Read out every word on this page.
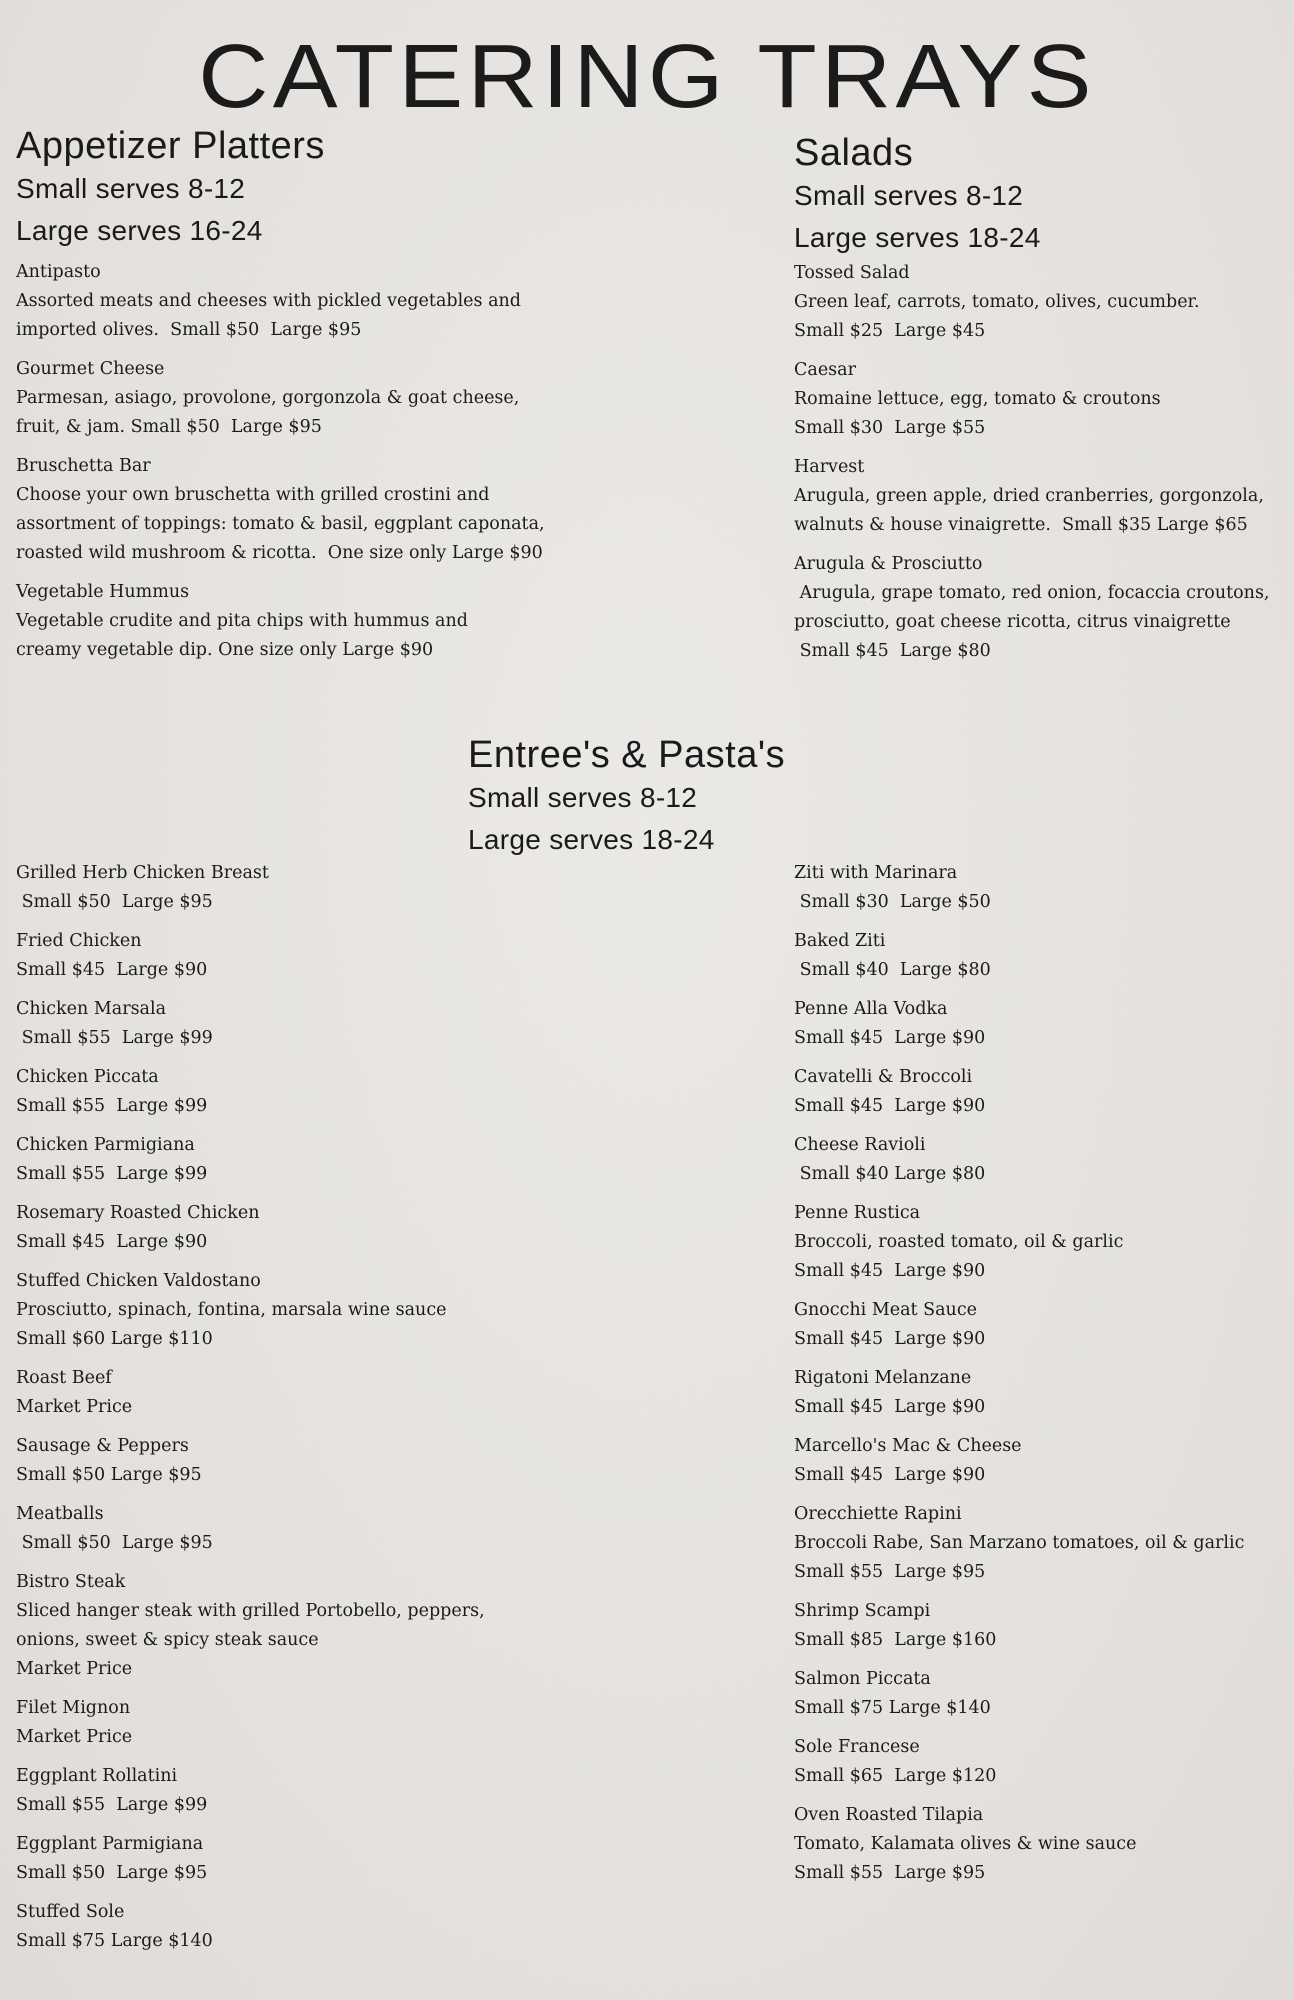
CATERING TRAYS
Appetizer Platters
Small serves 8-12
Large serves 16-24
Antipasto
Assorted meats and cheeses with pickled vegetables and
imported olives.  Small $50  Large $95
Gourmet Cheese
Parmesan, asiago, provolone, gorgonzola & goat cheese,
fruit, & jam. Small $50  Large $95
Bruschetta Bar
Choose your own bruschetta with grilled crostini and
assortment of toppings: tomato & basil, eggplant caponata,
roasted wild mushroom & ricotta.  One size only Large $90
Vegetable Hummus
Vegetable crudite and pita chips with hummus and
creamy vegetable dip. One size only Large $90
Salads
Small serves 8-12
Large serves 18-24
Tossed Salad
Green leaf, carrots, tomato, olives, cucumber.
Small $25  Large $45
Caesar
Romaine lettuce, egg, tomato & croutons
Small $30  Large $55
Harvest
Arugula, green apple, dried cranberries, gorgonzola,
walnuts & house vinaigrette.  Small $35 Large $65
Arugula & Prosciutto
Arugula, grape tomato, red onion, focaccia croutons,
prosciutto, goat cheese ricotta, citrus vinaigrette
Small $45  Large $80
Entree's & Pasta's
Small serves 8-12
Large serves 18-24
Grilled Herb Chicken Breast
Small $50  Large $95
Fried Chicken
Small $45  Large $90
Chicken Marsala
Small $55  Large $99
Chicken Piccata
Small $55  Large $99
Chicken Parmigiana
Small $55  Large $99
Rosemary Roasted Chicken
Small $45  Large $90
Stuffed Chicken Valdostano
Prosciutto, spinach, fontina, marsala wine sauce
Small $60 Large $110
Roast Beef
Market Price
Sausage & Peppers
Small $50 Large $95
Meatballs
Small $50  Large $95
Bistro Steak
Sliced hanger steak with grilled Portobello, peppers,
onions, sweet & spicy steak sauce
Market Price
Filet Mignon
Market Price
Eggplant Rollatini
Small $55  Large $99
Eggplant Parmigiana
Small $50  Large $95
Stuffed Sole
Small $75 Large $140
Ziti with Marinara
Small $30  Large $50
Baked Ziti
Small $40  Large $80
Penne Alla Vodka
Small $45  Large $90
Cavatelli & Broccoli
Small $45  Large $90
Cheese Ravioli
Small $40 Large $80
Penne Rustica
Broccoli, roasted tomato, oil & garlic
Small $45  Large $90
Gnocchi Meat Sauce
Small $45  Large $90
Rigatoni Melanzane
Small $45  Large $90
Marcello's Mac & Cheese
Small $45  Large $90
Orecchiette Rapini
Broccoli Rabe, San Marzano tomatoes, oil & garlic
Small $55  Large $95
Shrimp Scampi
Small $85  Large $160
Salmon Piccata
Small $75 Large $140
Sole Francese
Small $65  Large $120
Oven Roasted Tilapia
Tomato, Kalamata olives & wine sauce
Small $55  Large $95
